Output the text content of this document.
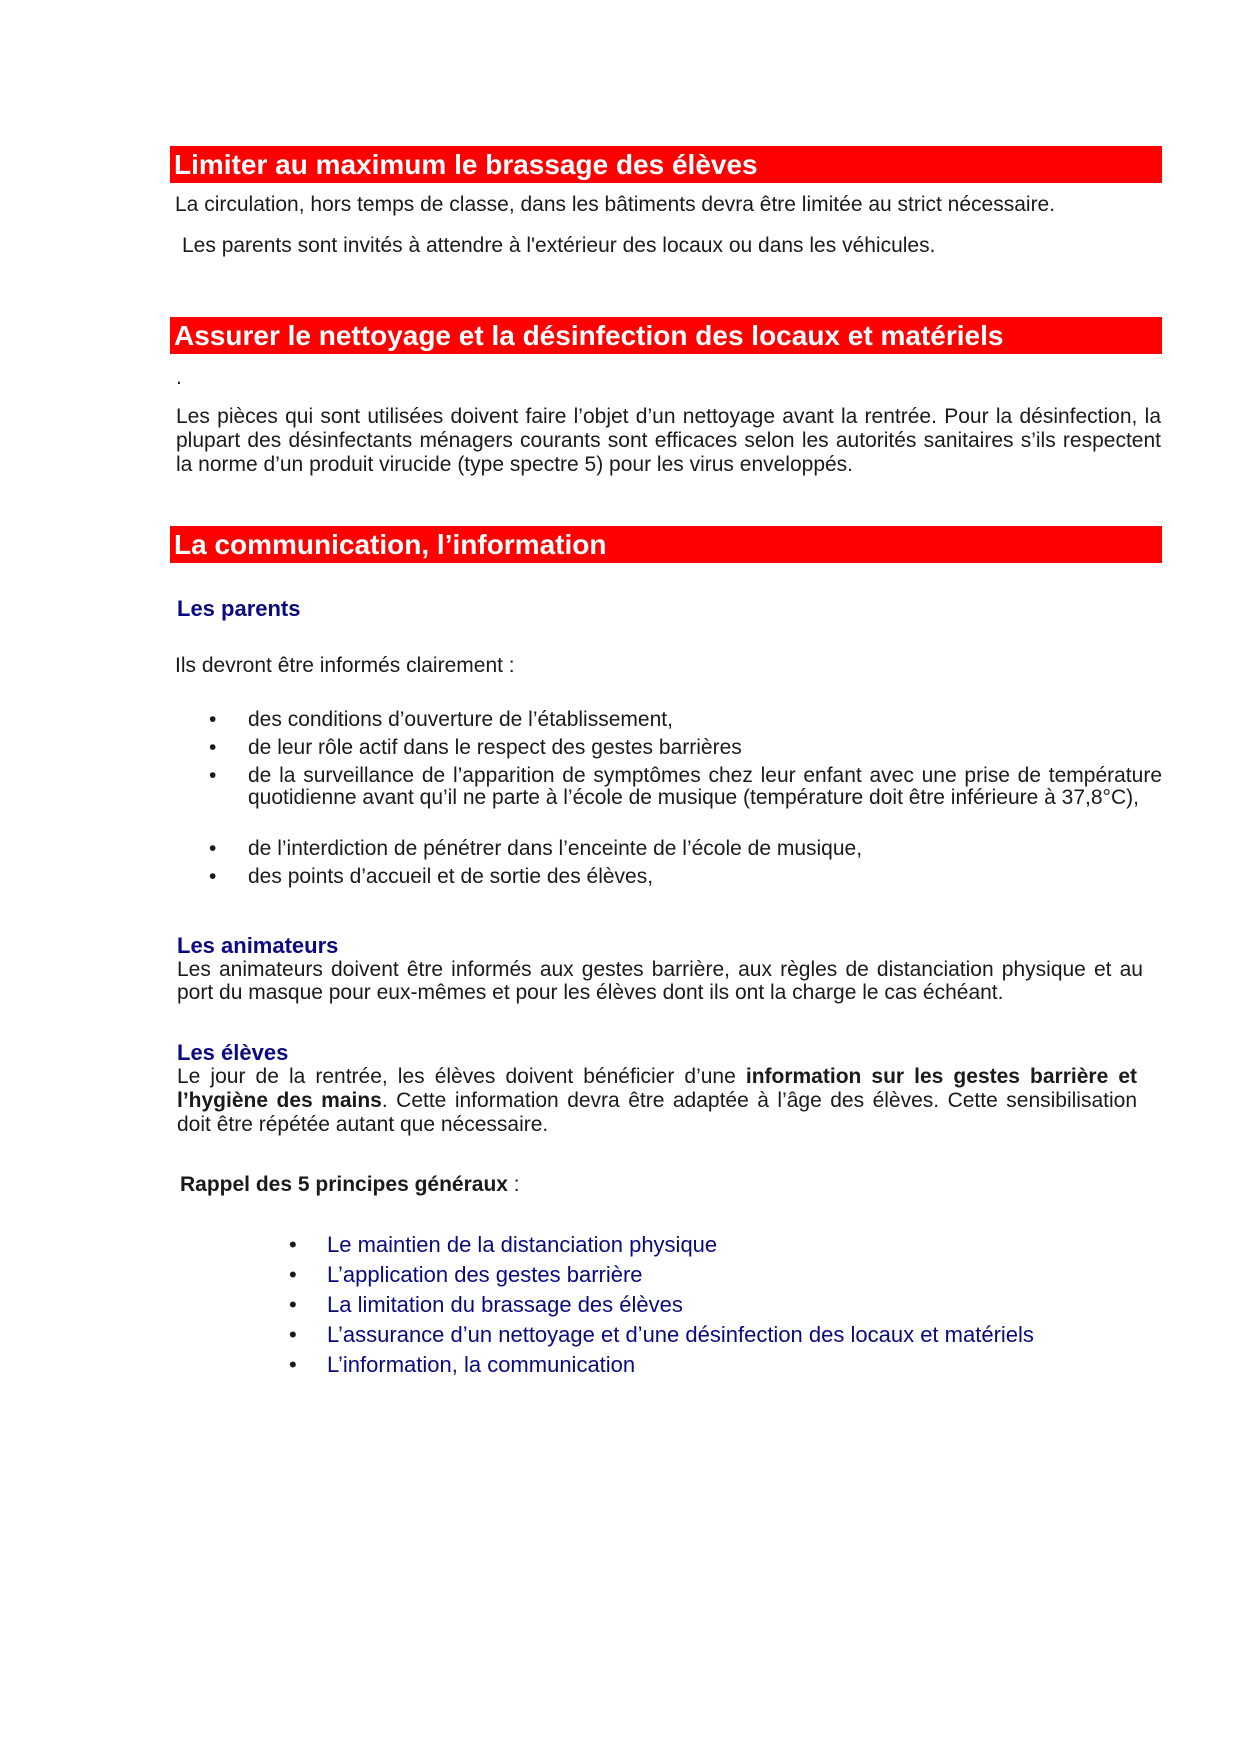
Limiter au maximum le brassage des élèves
La circulation, hors temps de classe, dans les bâtiments devra être limitée au strict nécessaire.
Les parents sont invités à attendre à l'extérieur des locaux ou dans les véhicules.
Assurer le nettoyage et la désinfection des locaux et matériels
.
Les pièces qui sont utilisées doivent faire l’objet d’un nettoyage avant la rentrée. Pour la désinfection, la plupart des désinfectants ménagers courants sont efficaces selon les autorités sanitaires s’ils respectent la norme d’un produit virucide (type spectre 5) pour les virus enveloppés.
La communication, l’information
Les parents
Ils devront être informés clairement :
• des conditions d’ouverture de l’établissement,
• de leur rôle actif dans le respect des gestes barrières
• de la surveillance de l’apparition de symptômes chez leur enfant avec une prise de température quotidienne avant qu’il ne parte à l’école de musique (température doit être inférieure à 37,8°C),
• de l’interdiction de pénétrer dans l’enceinte de l’école de musique,
• des points d’accueil et de sortie des élèves,
Les animateurs
Les animateurs doivent être informés aux gestes barrière, aux règles de distanciation physique et au port du masque pour eux-mêmes et pour les élèves dont ils ont la charge le cas échéant.
Les élèves
Le jour de la rentrée, les élèves doivent bénéficier d’une information sur les gestes barrière et l’hygiène des mains. Cette information devra être adaptée à l’âge des élèves. Cette sensibilisation doit être répétée autant que nécessaire.
Rappel des 5 principes généraux :
• Le maintien de la distanciation physique
• L’application des gestes barrière
• La limitation du brassage des élèves
• L’assurance d’un nettoyage et d’une désinfection des locaux et matériels
• L’information, la communication
